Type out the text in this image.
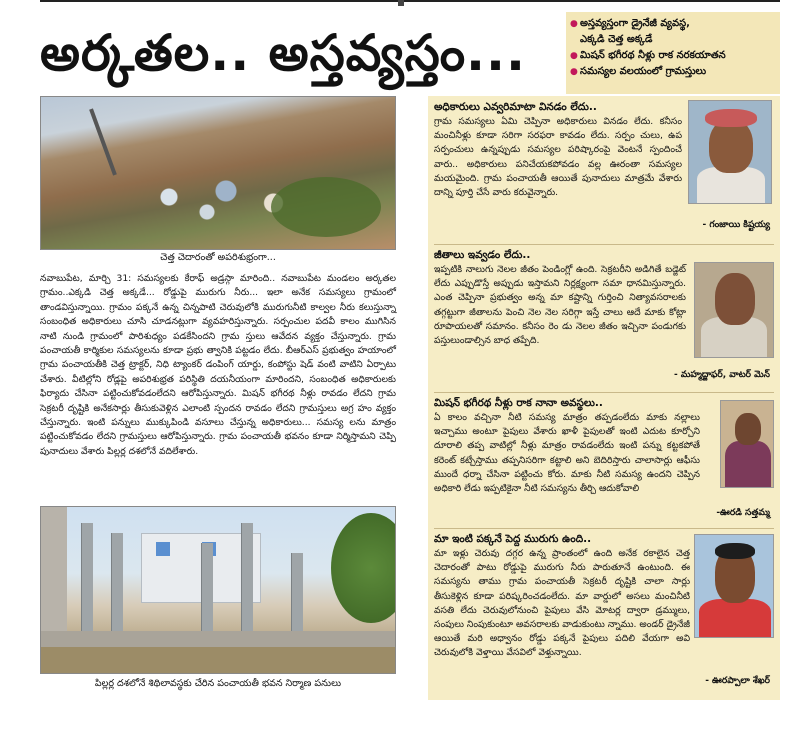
అర్కతల.. అస్తవ్యస్తం...
● అస్తవ్యస్తంగా డ్రైనేజీ వ్యవస్థ,
ఎక్కడి చెత్త అక్కడే
● మిషన్ భగీరథ నీళ్లు రాక నరకయాతన
● సమస్యల వలయంలో గ్రామస్తులు
చెత్త చెదారంతో అపరిశుభ్రంగా...
నవాబుపేట, మార్చి 31: సమస్యలకు కేరాఫ్ అడ్రస్గా మారింది.. నవాబుపేట మండలం అర్కతల గ్రామం..ఎక్కడి చెత్త అక్కడే... రోడ్డుపై మురుగు నీరు... ఇలా అనేక సమస్యలు గ్రామంలో తాండవిస్తున్నాయి. గ్రామం పక్కనే ఉన్న చిన్నపాటి చెరువులోకి మురుగునీటి కాల్వల నీరు కలుస్తున్నా సంబంధిత అధికారులు చూసి చూడనట్లుగా వ్యవహరిస్తున్నారు. సర్పంచుల పదవీ కాలం ముగిసిన నాటి నుండి గ్రామంలో పారిశుధ్యం పడకేసిందని గ్రామ స్తులు ఆవేదన వ్యక్తం చేస్తున్నారు. గ్రామ పంచాయతీ కార్మికుల సమస్యలను కూడా ప్రభు త్వానికి పట్టడం లేదు. బీఆర్ఎస్ ప్రభుత్వం హయాంలో గ్రామ పంచాయతీకి చెత్త ట్రాక్టర్, నిధి ట్యాంకర్ డంపింగ్ యార్డు, కంపోస్టు షెడ్ వంటి వాటిని ఏర్పాటు చేశారు. వీటిల్లోని రోడ్లపై అపరిశుభ్రత పరిస్థితి దయనీయంగా మారిందని, సంబంధిత అధికారులకు ఫిర్యాదు చేసినా పట్టించుకోవడంలేదని ఆరోపిస్తున్నారు. మిషన్ భగీరథ నీళ్లు రావడం లేదని గ్రామ సెక్రటరీ దృష్టికి అనేకసార్లు తీసుకువెళ్లిన ఎలాంటి స్పందన రావడం లేదని గ్రామస్తులు అగ్ర హం వ్యక్తం చేస్తున్నారు. ఇంటి పన్నులు ముక్కుపిండి వసూలు చేస్తున్న అధికారులు... సమస్య లను మాత్రం పట్టించుకోవడం లేదని గ్రామస్తులు ఆరోపిస్తున్నారు. గ్రామ పంచాయతీ భవనం కూడా నిర్మిస్తామని చెప్పి పునాదులు వేశారు పిల్లర్ల దశలోనే వదిలేశారు.
పిల్లర్ల దశలోనే శిథిలావస్థకు చేరిన పంచాయతీ భవన నిర్మాణ పనులు
అధికారులు ఎవ్వరిమాటా వినడం లేదు..
గ్రామ సమస్యలు ఏమి చెప్పినా అధికారులు వినడం లేదు. కనీసం మంచినీళ్లు కూడా సరిగా సరఫరా కావడం లేదు. సర్పం చులు, ఉప సర్పంచులు ఉన్నప్పుడు సమస్యల పరిష్కారంపై వెంటనే స్పందించే వారు.. అధికారులు పనిచేయకపోవడం వల్ల ఊరంతా సమస్యల మయమైంది. గ్రామ పంచాయతీ ఆయితే పునాదులు మాత్రమే వేశారు దాన్ని పూర్తి చేసే వారు కరువైన్నారు.
- గంజాయి కిష్టయ్య
జీతాలు ఇవ్వడం లేదు..
ఇప్పటికి నాలుగు నెలల జీతం పెండింగ్లో ఉంది. సెక్రటరీని అడిగితే బడ్జెట్ లేదు ఎప్పుడొస్తే అప్పుడు ఇస్తామని నిర్లక్ష్యంగా సమా ధానమిస్తున్నారు. ఎంత చెప్పినా ప్రభుత్వం అన్న మా కష్టాన్ని గుర్తించి నిత్యావసరాలకు తగ్గట్టుగా జీతాలను పెంచి నెల నెల సరిగ్గా ఇస్తే చాలు ఆదే మాకు కోట్లా రూపాయలతో సమానం. కనీసం రెం డు నెలల జీతం ఇచ్చినా పండుగకు పస్తులుండాల్సిన బాధ తప్పేది.
- మహ్మద్జాఫర్, వాటర్ మెన్
మిషన్ భగీరథ నీళ్లు రాక నానా అవస్థలు..
ఏ కాలం వచ్చినా నీటి సమస్య మాత్రం తప్పడంలేదు మాకు నల్లాలు ఇచ్చాము అంటూ పైపులు వేశారు ఖాళీ పైపులతో ఇంటి ఎదుట కూర్చోని దూరాలి తప్ప వాటిల్లో నీళ్లు మాత్రం రావడంలేదు ఇంటి పన్ను కట్టకపోతే కరెంట్ కట్చేస్తాము తప్పనిసరిగా కట్టాలి అని బెదిరిస్తారు చాలాసార్లు ఆఫీసు ముందే ధర్నా చేసినా పట్టించు కోరు. మాకు నీటి సమస్య ఉందని చెప్పిన అధికారి లేడు ఇప్పటికైనా నీటి సమస్యను తీర్చి ఆదుకోవాలి
-ఊరడి సత్తమ్మ
మా ఇంటి పక్కనే పెద్ద మురుగు ఉంది..
మా ఇళ్లు చెరువు దగ్గర ఉన్న ప్రాంతంలో ఉంది అనేక రకాలైన చెత్త చెదారంతో పాటు రోడ్డుపై మురుగు నీరు పారుతూనే ఉంటుంది. ఈ సమస్యను తాము గ్రామ పంచాయతీ సెక్రటరీ దృష్టికి చాలా సార్లు తీసుకెళ్లిన కూడా పరిష్కరించడంలేదు. మా వార్డులో అసలు మంచినీటి వసతి లేదు చెరువులోనుంచి పైపులు వేసి మోటర్ల ద్వారా డ్రమ్ములు, సంపులు నింపుకుంటూ అవసరాలకు వాడుకుంటు న్నాము. అండర్ డ్రైనేజీ ఆయితే మరి అధ్వానం రోడ్డు పక్కనే పైపులు పదిలి వేయగా అవి చెరువులోకి వెళ్తాయి వేసవిలో వెళ్తున్నాయి.
- ఊరప్పాలా శేఖర్
